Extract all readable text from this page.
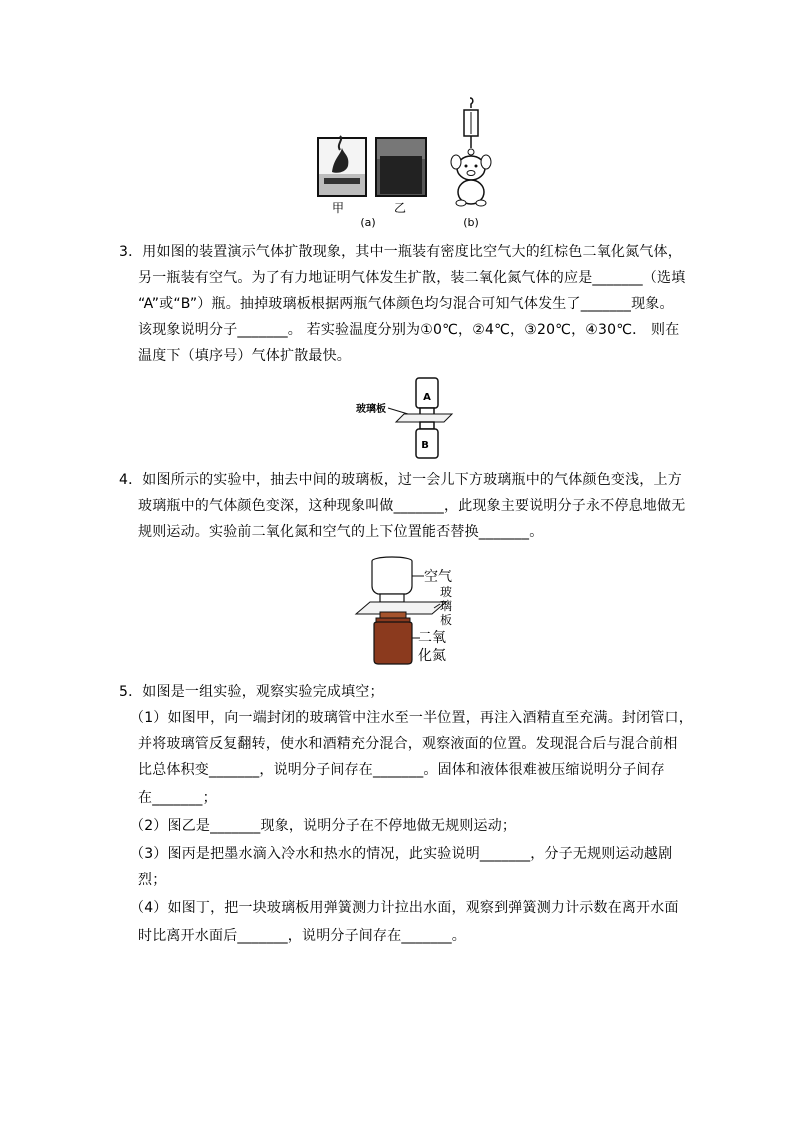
甲	乙
(a)	(b)
3．用如图的装置演示气体扩散现象，其中一瓶装有密度比空气大的红棕色二氧化氮气体，
另一瓶装有空气。为了有力地证明气体发生扩散，装二氧化氮气体的应是_______（选填
“A”或“B”）瓶。抽掉玻璃板根据两瓶气体颜色均匀混合可知气体发生了_______现象。
该现象说明分子_______。 若实验温度分别为①0℃，②4℃，③20℃，④30℃． 则在
温度下（填序号）气体扩散最快。
玻璃板
A
B
4．如图所示的实验中，抽去中间的玻璃板，过一会儿下方玻璃瓶中的气体颜色变浅，上方
玻璃瓶中的气体颜色变深，这种现象叫做_______，此现象主要说明分子永不停息地做无
规则运动。实验前二氧化氮和空气的上下位置能否替换_______。
空气
玻
璃
板
二氧
化氮
5．如图是一组实验，观察实验完成填空；
（1）如图甲，向一端封闭的玻璃管中注水至一半位置，再注入酒精直至充满。封闭管口，
并将玻璃管反复翻转，使水和酒精充分混合，观察液面的位置。发现混合后与混合前相
比总体积变_______，说明分子间存在_______。固体和液体很难被压缩说明分子间存
在_______；
（2）图乙是_______现象，说明分子在不停地做无规则运动；
（3）图丙是把墨水滴入冷水和热水的情况，此实验说明_______，分子无规则运动越剧
烈；
（4）如图丁，把一块玻璃板用弹簧测力计拉出水面，观察到弹簧测力计示数在离开水面
时比离开水面后_______，说明分子间存在_______。
